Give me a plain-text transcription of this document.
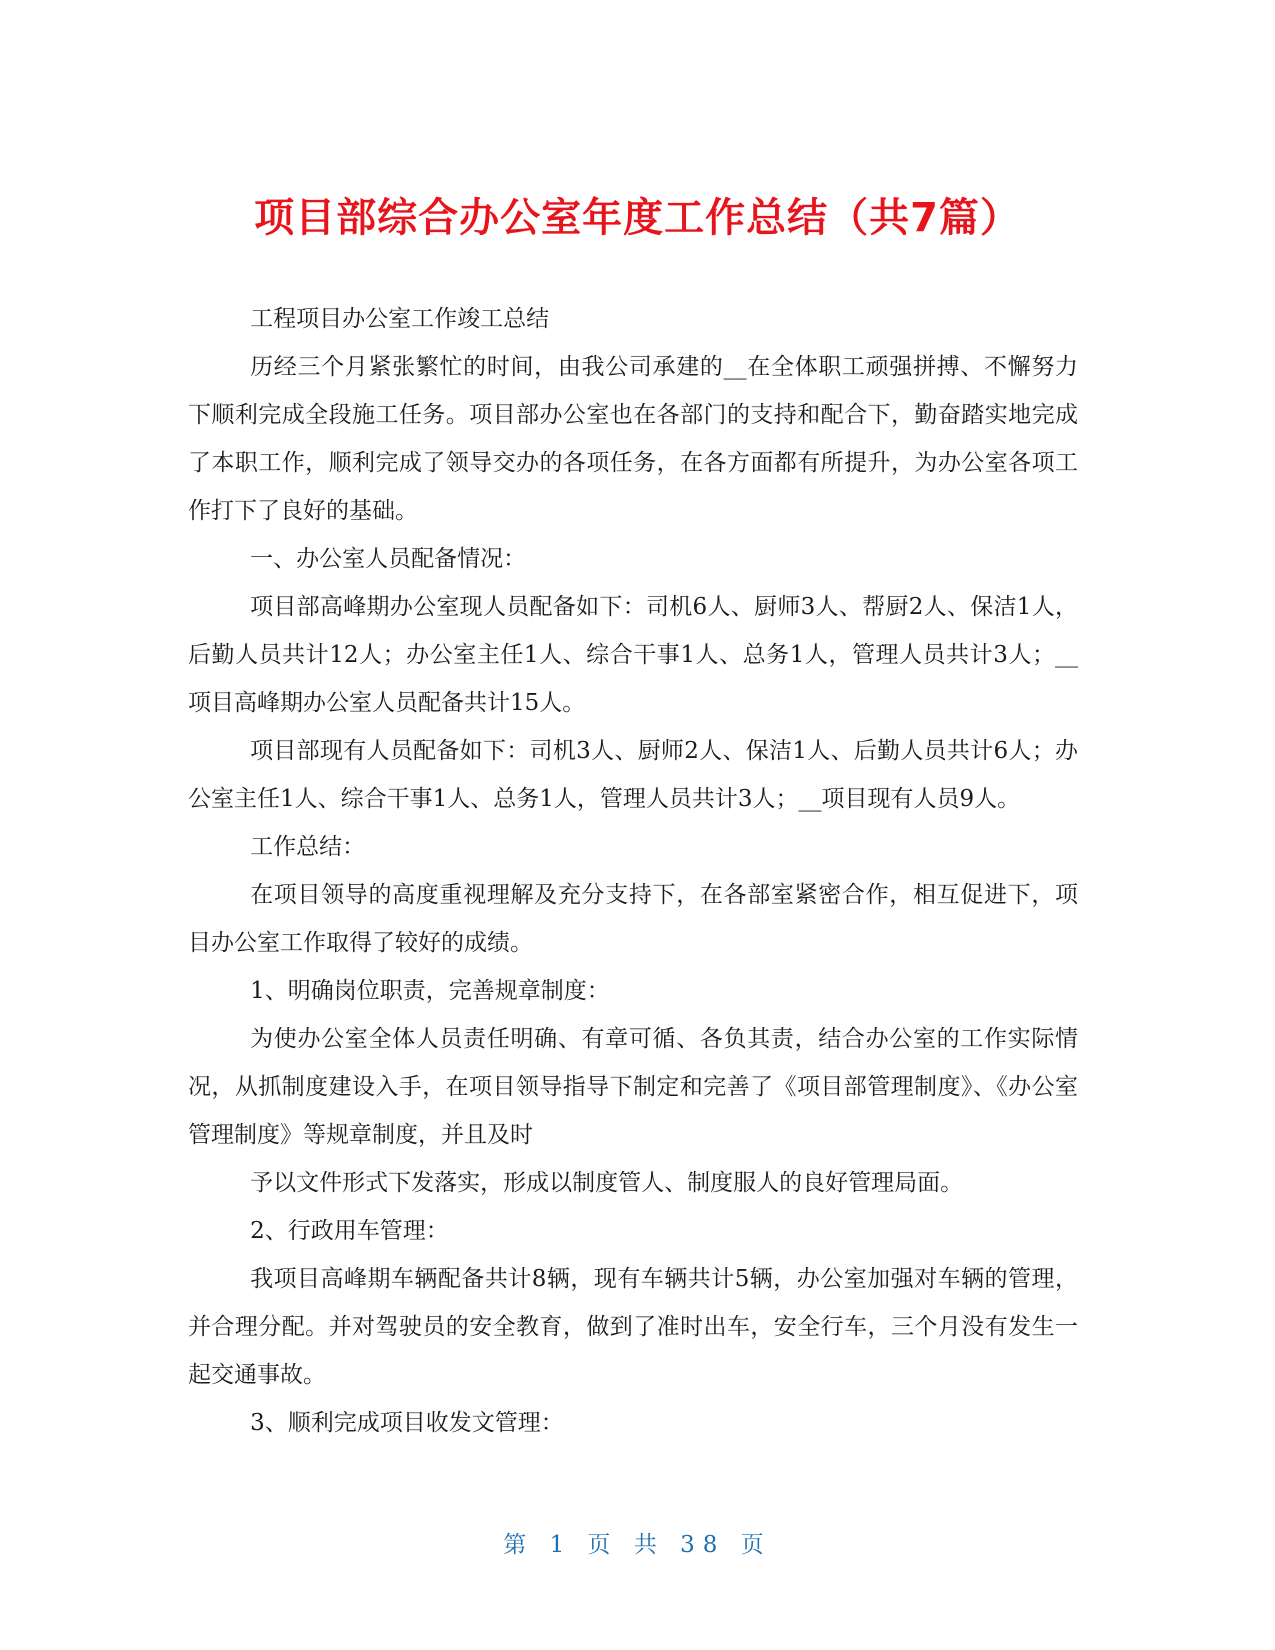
项目部综合办公室年度工作总结（共7篇）

工程项目办公室工作竣工总结

历经三个月紧张繁忙的时间，由我公司承建的__在全体职工顽强拼搏、不懈努力下顺利完成全段施工任务。项目部办公室也在各部门的支持和配合下，勤奋踏实地完成了本职工作，顺利完成了领导交办的各项任务，在各方面都有所提升，为办公室各项工作打下了良好的基础。

一、办公室人员配备情况：

项目部高峰期办公室现人员配备如下：司机6人、厨师3人、帮厨2人、保洁1人，后勤人员共计12人；办公室主任1人、综合干事1人、总务1人，管理人员共计3人；__项目高峰期办公室人员配备共计15人。

项目部现有人员配备如下：司机3人、厨师2人、保洁1人、后勤人员共计6人；办公室主任1人、综合干事1人、总务1人，管理人员共计3人；__项目现有人员9人。

工作总结：

在项目领导的高度重视理解及充分支持下，在各部室紧密合作，相互促进下，项目办公室工作取得了较好的成绩。

1、明确岗位职责，完善规章制度：

为使办公室全体人员责任明确、有章可循、各负其责，结合办公室的工作实际情况，从抓制度建设入手，在项目领导指导下制定和完善了《项目部管理制度》、《办公室管理制度》等规章制度，并且及时

予以文件形式下发落实，形成以制度管人、制度服人的良好管理局面。

2、行政用车管理：

我项目高峰期车辆配备共计8辆，现有车辆共计5辆，办公室加强对车辆的管理，并合理分配。并对驾驶员的安全教育，做到了准时出车，安全行车，三个月没有发生一起交通事故。

3、顺利完成项目收发文管理：

第 1 页 共 38 页
